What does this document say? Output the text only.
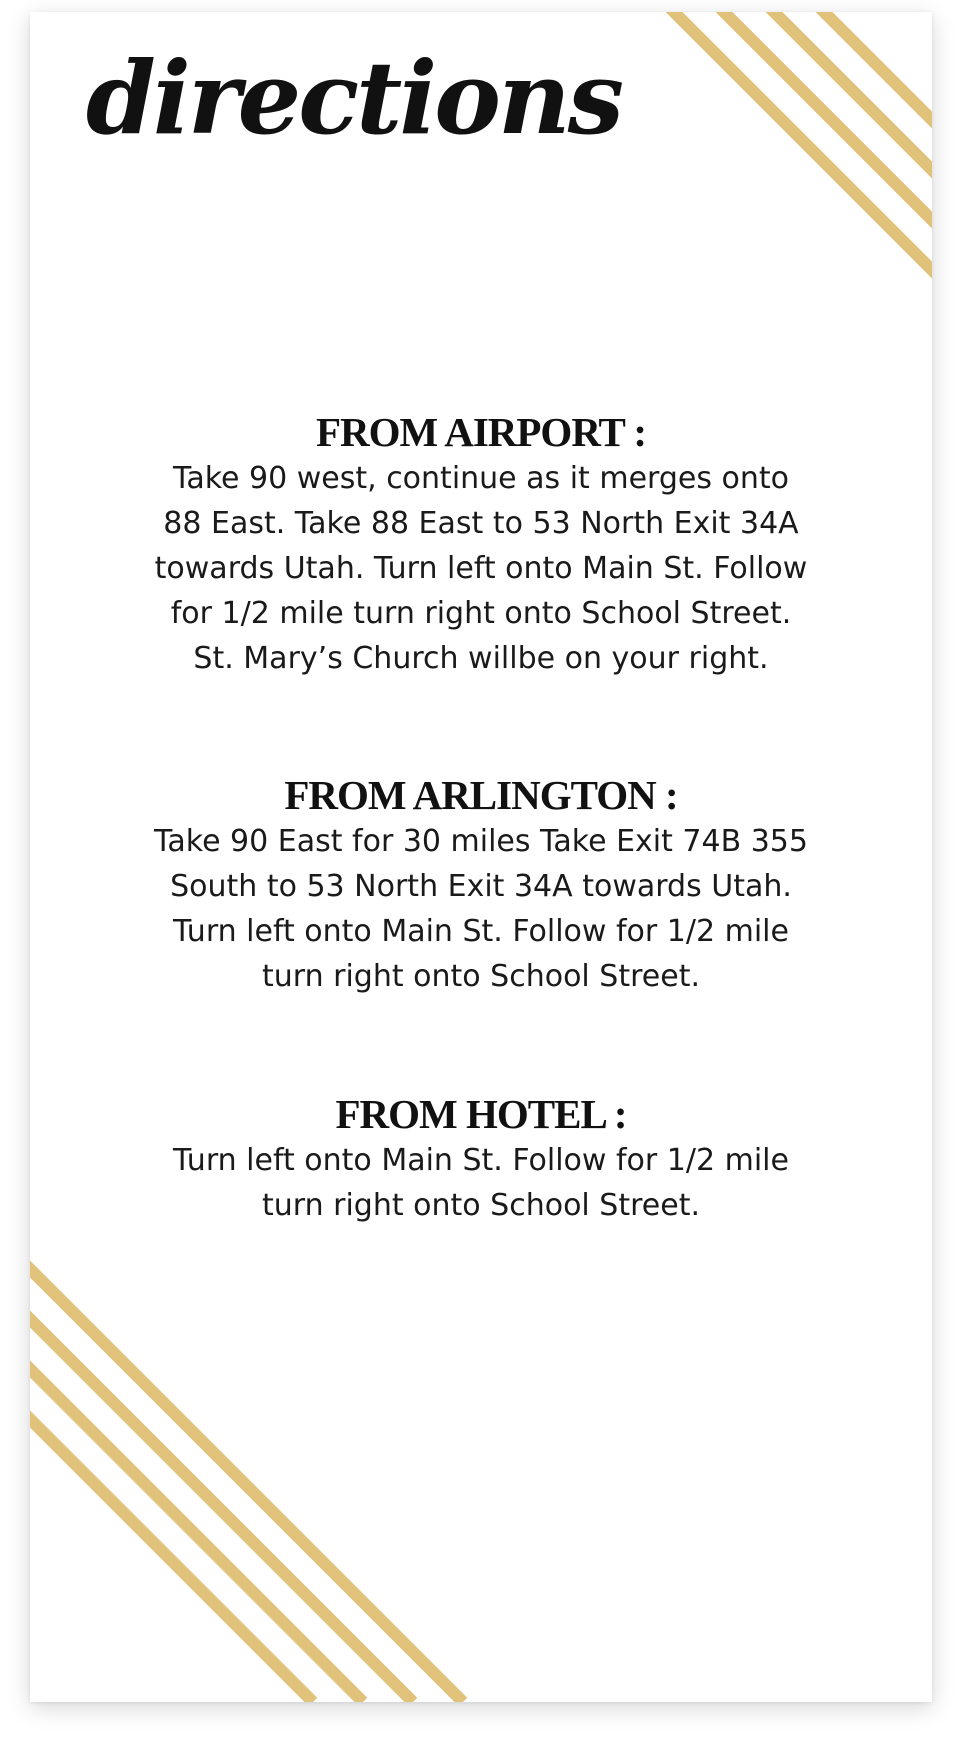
directions
FROM AIRPORT :

Take 90 west, continue as it merges onto
88 East. Take 88 East to 53 North Exit 34A
towards Utah. Turn left onto Main St. Follow
for 1/2 mile turn right onto School Street.
St. Mary’s Church willbe on your right.

FROM ARLINGTON :

Take 90 East for 30 miles Take Exit 74B 355
South to 53 North Exit 34A towards Utah.
Turn left onto Main St. Follow for 1/2 mile
turn right onto School Street.

FROM HOTEL :

Turn left onto Main St. Follow for 1/2 mile
turn right onto School Street.
